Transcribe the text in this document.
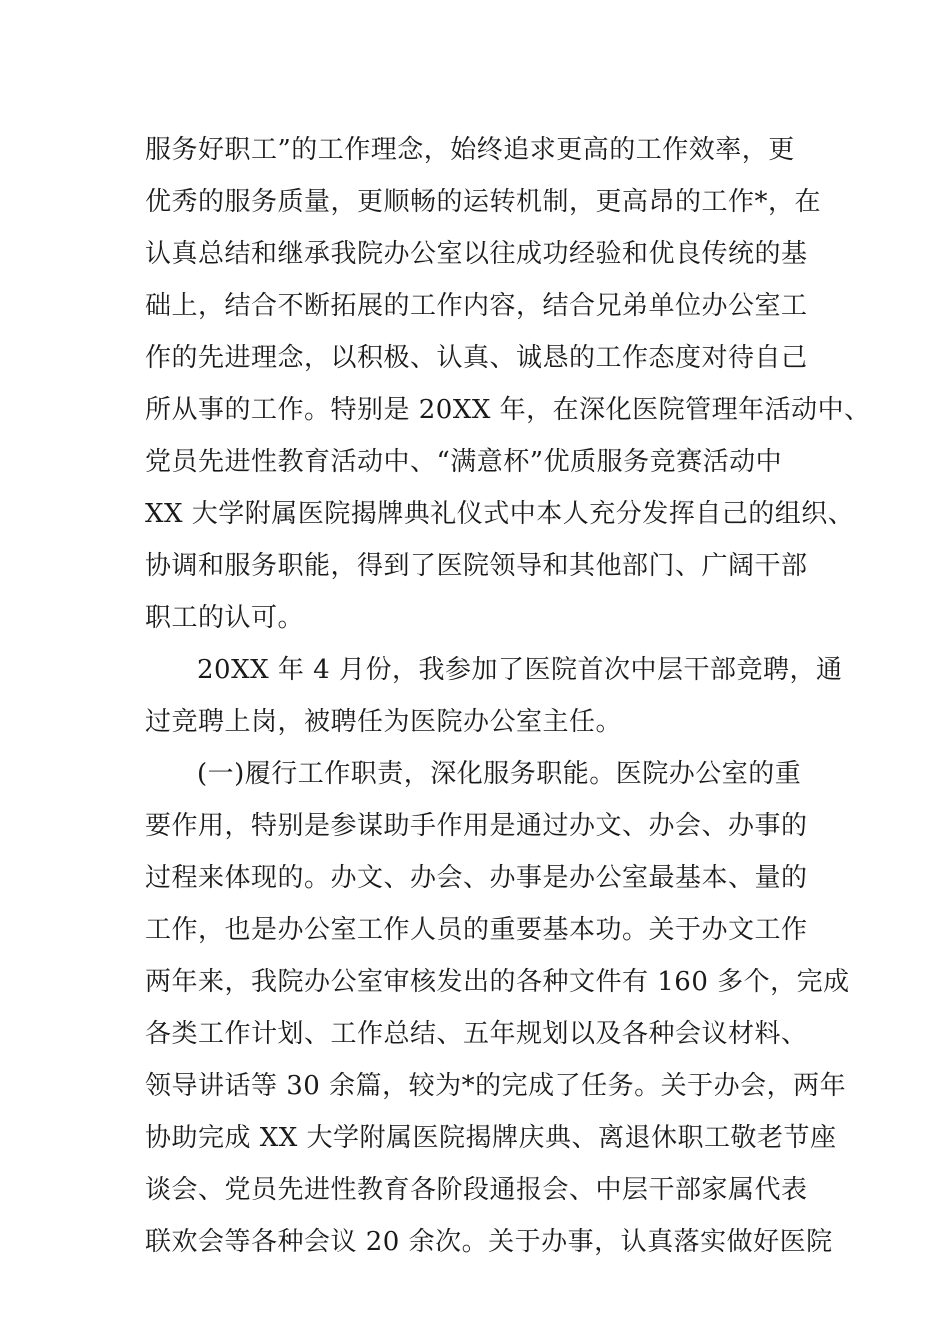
服务好职工”的工作理念，始终追求更高的工作效率，更
优秀的服务质量，更顺畅的运转机制，更高昂的工作*，在
认真总结和继承我院办公室以往成功经验和优良传统的基
础上，结合不断拓展的工作内容，结合兄弟单位办公室工
作的先进理念，以积极、认真、诚恳的工作态度对待自己
所从事的工作。特别是 20XX 年，在深化医院管理年活动中、
党员先进性教育活动中、“满意杯”优质服务竞赛活动中
XX 大学附属医院揭牌典礼仪式中本人充分发挥自己的组织、
协调和服务职能，得到了医院领导和其他部门、广阔干部
职工的认可。
20XX 年 4 月份，我参加了医院首次中层干部竞聘，通
过竞聘上岗，被聘任为医院办公室主任。
(一)履行工作职责，深化服务职能。医院办公室的重
要作用，特别是参谋助手作用是通过办文、办会、办事的
过程来体现的。办文、办会、办事是办公室最基本、量的
工作，也是办公室工作人员的重要基本功。关于办文工作
两年来，我院办公室审核发出的各种文件有 160 多个，完成
各类工作计划、工作总结、五年规划以及各种会议材料、
领导讲话等 30 余篇，较为*的完成了任务。关于办会，两年
协助完成 XX 大学附属医院揭牌庆典、离退休职工敬老节座
谈会、党员先进性教育各阶段通报会、中层干部家属代表
联欢会等各种会议 20 余次。关于办事，认真落实做好医院
